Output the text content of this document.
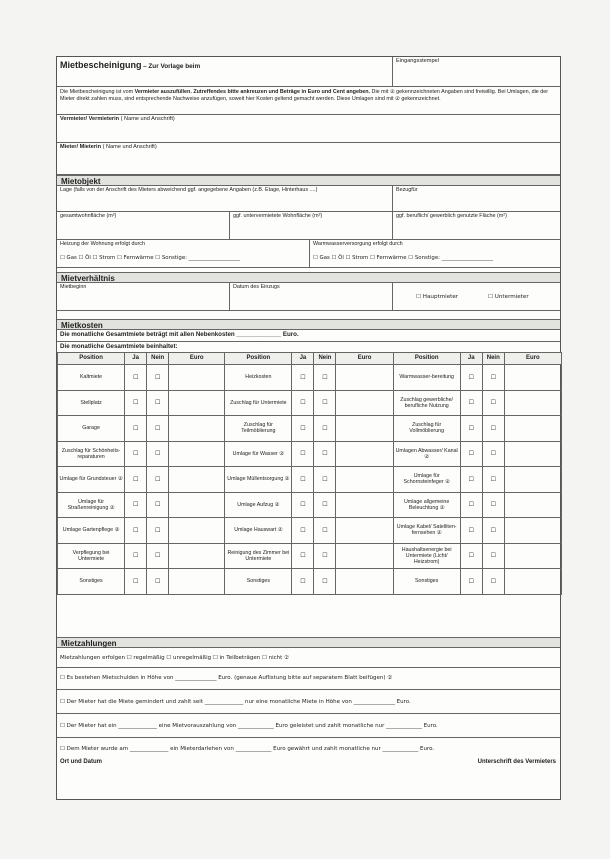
Mietbescheinigung – Zur Vorlage beim
Eingangsstempel
Die Mietbescheinigung ist vom Vermieter auszufüllen. Zutreffendes bitte ankreuzen und Beträge in Euro und Cent angeben. Die mit ② gekennzeichneten Angaben sind freiwillig. Bei Umlagen, die der Mieter direkt zahlen muss, sind entsprechende Nachweise anzufügen, soweit hier Kosten geltend gemacht werden. Diese Umlagen sind mit ② gekennzeichnet.
Vermieter/ Vermieterin ( Name und Anschrift)
Mieter/ Mieterin ( Name und Anschrift)
Mietobjekt
Lage (falls von der Anschrift des Mieters abweichend ggf. angegebene Angaben (z.B. Etage, Hinterhaus ....)	Bezugfür
gesamtwohnfläche (m²)	ggf. untervermietete Wohnfläche (m²)	ggf. beruflich/ gewerblich genutzte Fläche (m²)
Heizung der Wohnung erfolgt durch
☐ Gas ☐ Öl ☐ Strom ☐ Fernwärme ☐ Sonstige: ___________________
Warmwasserversorgung erfolgt durch
☐ Gas ☐ Öl ☐ Strom ☐ Fernwärme ☐ Sonstige: ___________________
Mietverhältnis
Mietbeginn	Datum des Einzugs
☐ Hauptmieter	☐ Untermieter
Mietkosten
Die monatliche Gesamtmiete beträgt mit allen Nebenkosten _____________ Euro.
Die monatliche Gesamtmiete beinhaltet:
Position	Ja	Nein	Euro	Position	Ja	Nein	Euro	Position	Ja	Nein	Euro
Kaltmiete	☐	☐		Heizkosten	☐	☐		Warmwasser-bereitung	☐	☐	
Stellplatz	☐	☐		Zuschlag für Untermiete	☐	☐		Zuschlag gewerbliche/ berufliche Nutzung	☐	☐	
Garage	☐	☐		Zuschlag für Teilmöblierung	☐	☐		Zuschlag für Vollmöblierung	☐	☐	
Zuschlag für Schönheits-reparaturen	☐	☐		Umlage für Wasser ②	☐	☐		Umlagen Abwasser/ Kanal ②	☐	☐	
Umlage für Grundsteuer ②	☐	☐		Umlage Müllentsorgung ②	☐	☐		Umlage für Schornsteinfeger ②	☐	☐	
Umlage für Straßenreinigung ②	☐	☐		Umlage Aufzug ②	☐	☐		Umlage allgemeine Beleuchtung ②	☐	☐	
Umlage Gartenpflege ②	☐	☐		Umlage Hauswart ②	☐	☐		Umlage Kabel/ Satelliten-fernsehen ②	☐	☐	
Verpflegung bei Untermiete	☐	☐		Reinigung des Zimmer bei Untermiete	☐	☐		Haushaltsenergie bei Untermiete (Licht/ Heizstrom)	☐	☐	
Sonstiges	☐	☐		Sonstiges	☐	☐		Sonstiges	☐	☐	
Mietzahlungen
Mietzahlungen erfolgen ☐ regelmäßig ☐ unregelmäßig ☐ in Teilbeträgen ☐ nicht ②
☐ Es bestehen Mietschulden in Höhe von _______________ Euro. (genaue Auflistung bitte auf separatem Blatt beifügen) ②
☐ Der Mieter hat die Miete gemindert und zahlt seit ______________ nur eine monatliche Miete in Höhe von _______________ Euro.
☐ Der Mieter hat ein ______________ eine Mietvorauszahlung von _____________ Euro geleistet und zahlt monatliche nur _____________ Euro.
☐ Dem Mieter wurde am ______________ ein Mieterdarlehen von _____________ Euro gewährt und zahlt monatliche nur _____________ Euro.
Ort und Datum	Unterschrift des Vermieters
